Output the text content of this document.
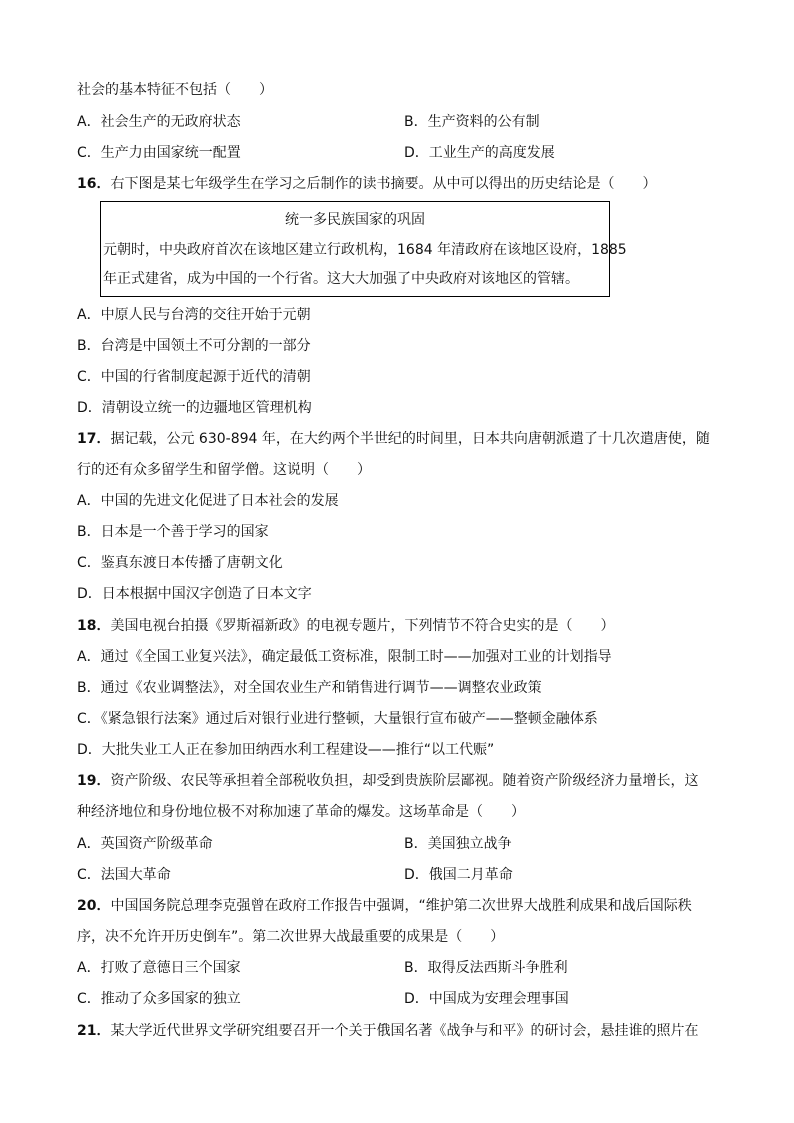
社会的基本特征不包括（　　）
A．社会生产的无政府状态	B．生产资料的公有制
C．生产力由国家统一配置	D．工业生产的高度发展
16．右下图是某七年级学生在学习之后制作的读书摘要。从中可以得出的历史结论是（　　）
统一多民族国家的巩固
元朝时，中央政府首次在该地区建立行政机构，1684 年清政府在该地区设府，1885
年正式建省，成为中国的一个行省。这大大加强了中央政府对该地区的管辖。
A．中原人民与台湾的交往开始于元朝
B．台湾是中国领土不可分割的一部分
C．中国的行省制度起源于近代的清朝
D．清朝设立统一的边疆地区管理机构
17．据记载，公元 630-894 年，在大约两个半世纪的时间里，日本共向唐朝派遣了十几次遣唐使，随
行的还有众多留学生和留学僧。这说明（　　）
A．中国的先进文化促进了日本社会的发展
B．日本是一个善于学习的国家
C．鉴真东渡日本传播了唐朝文化
D．日本根据中国汉字创造了日本文字
18．美国电视台拍摄《罗斯福新政》的电视专题片，下列情节不符合史实的是（　　）
A．通过《全国工业复兴法》，确定最低工资标准，限制工时——加强对工业的计划指导
B．通过《农业调整法》，对全国农业生产和销售进行调节——调整农业政策
C．《紧急银行法案》通过后对银行业进行整顿，大量银行宣布破产——整顿金融体系
D．大批失业工人正在参加田纳西水利工程建设——推行“以工代赈”
19．资产阶级、农民等承担着全部税收负担，却受到贵族阶层鄙视。随着资产阶级经济力量增长，这
种经济地位和身份地位极不对称加速了革命的爆发。这场革命是（　　）
A．英国资产阶级革命	B．美国独立战争
C．法国大革命	D．俄国二月革命
20．中国国务院总理李克强曾在政府工作报告中强调，“维护第二次世界大战胜利成果和战后国际秩
序，决不允许开历史倒车”。第二次世界大战最重要的成果是（　　）
A．打败了意德日三个国家	B．取得反法西斯斗争胜利
C．推动了众多国家的独立	D．中国成为安理会理事国
21．某大学近代世界文学研究组要召开一个关于俄国名著《战争与和平》的研讨会，悬挂谁的照片在
